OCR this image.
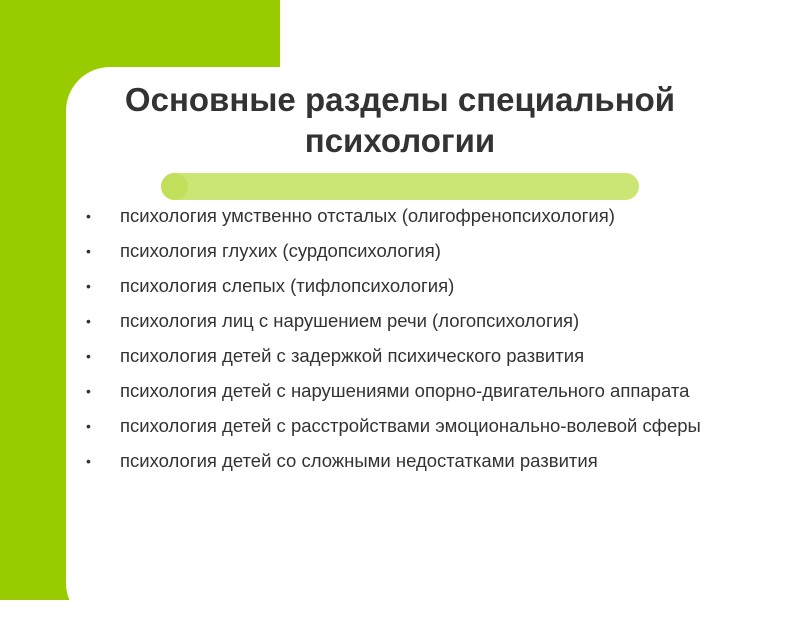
Основные разделы специальной психологии
• психология умственно отсталых (олигофренопсихология)
• психология глухих (сурдопсихология)
• психология слепых (тифлопсихология)
• психология лиц с нарушением речи (логопсихология)
• психология детей с задержкой психического развития
• психология детей с нарушениями опорно-двигательного аппарата
• психология детей с расстройствами эмоционально-волевой сферы
• психология детей со сложными недостатками развития
